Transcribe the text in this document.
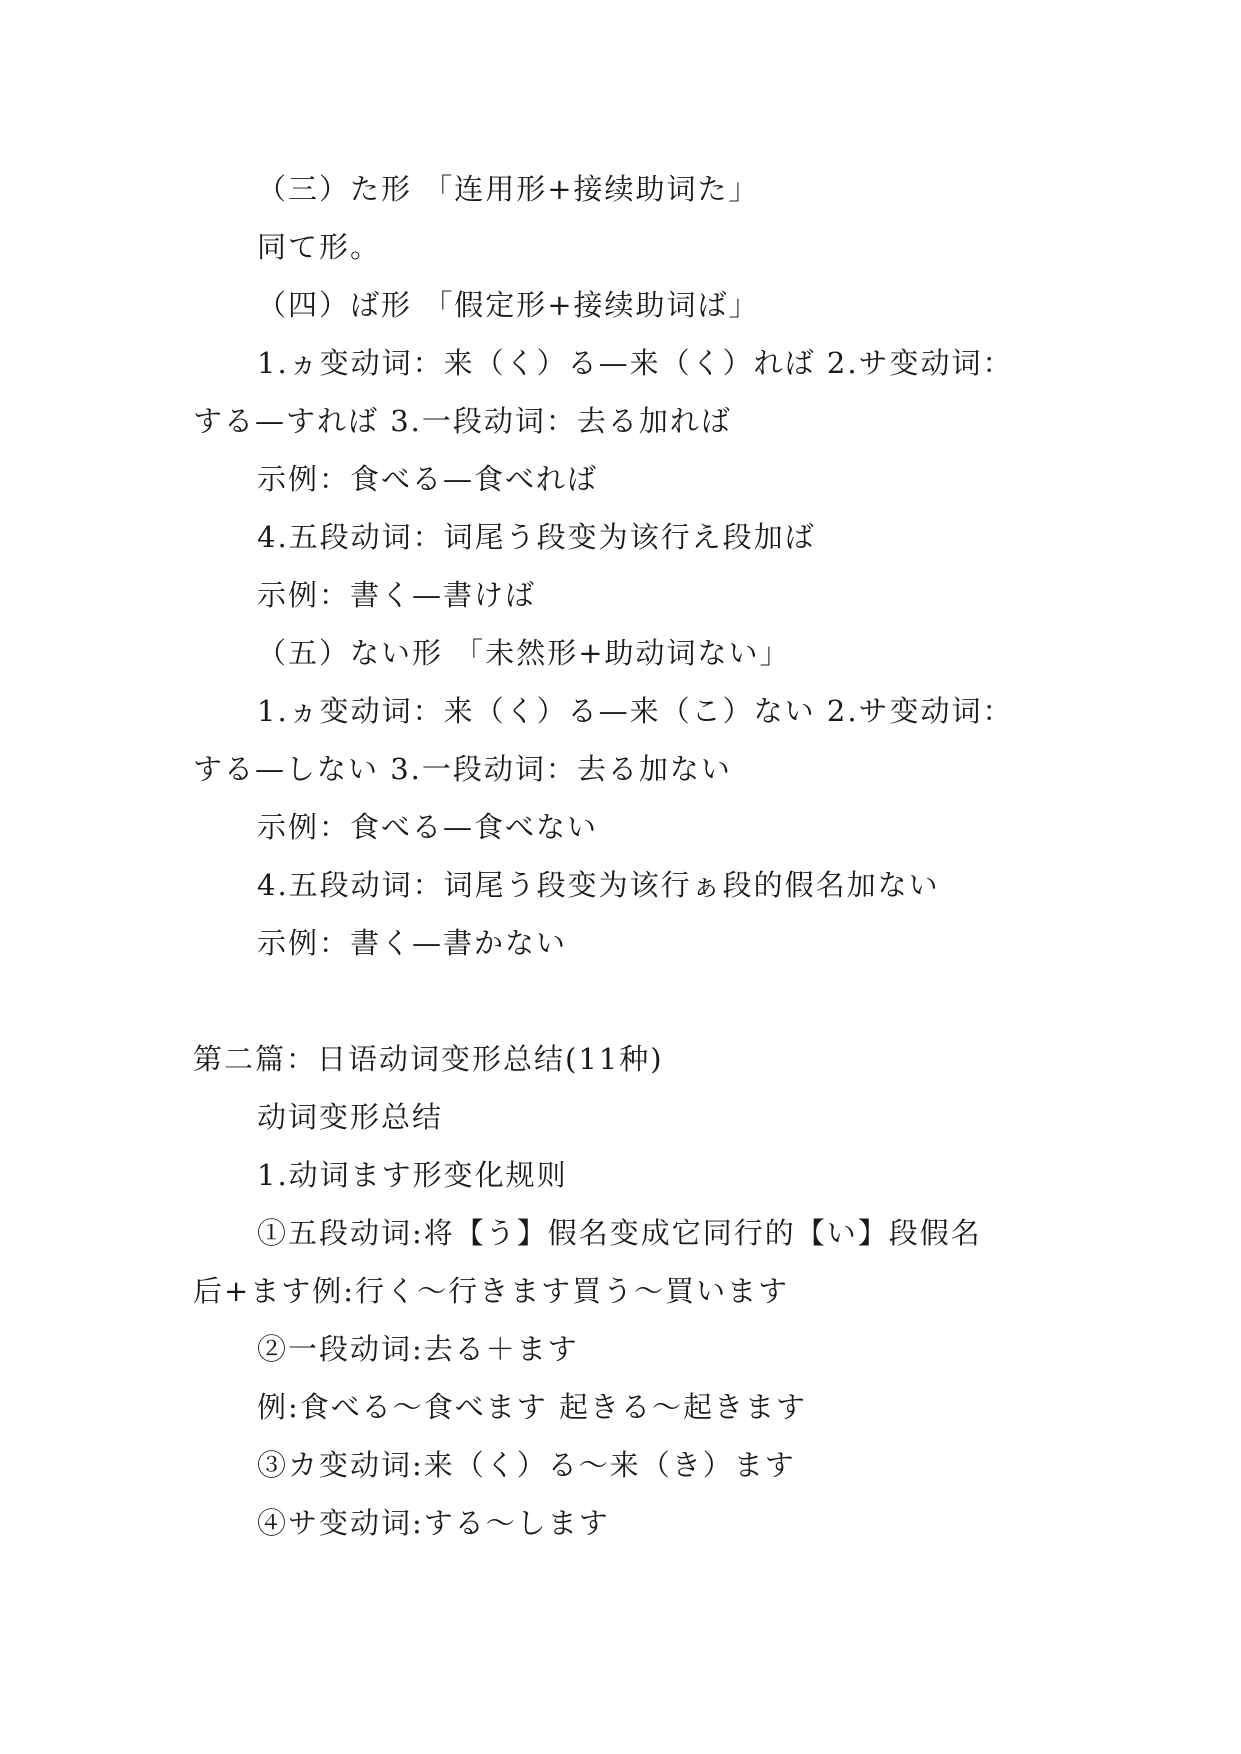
（三）た形 「连用形+接续助词た」

同て形。

（四）ば形 「假定形+接续助词ば」

1.ヵ变动词：来（く）る—来（く）れば 2.サ变动词：

する—すれば 3.一段动词：去る加れば

示例：食べる—食べれば

4.五段动词：词尾う段变为该行え段加ば

示例：書く—書けば

（五）ない形 「未然形+助动词ない」

1.ヵ变动词：来（く）る—来（こ）ない 2.サ变动词：

する—しない 3.一段动词：去る加ない

示例：食べる—食べない

4.五段动词：词尾う段变为该行ぁ段的假名加ない

示例：書く—書かない

第二篇：日语动词变形总结(11种)

动词变形总结

1.动词ます形变化规则

①五段动词:将【う】假名变成它同行的【い】段假名

后+ます例:行く～行きます買う～買います

②一段动词:去る＋ます

例:食べる～食べます 起きる～起きます

③カ变动词:来（く）る～来（き）ます

④サ变动词:する～します
